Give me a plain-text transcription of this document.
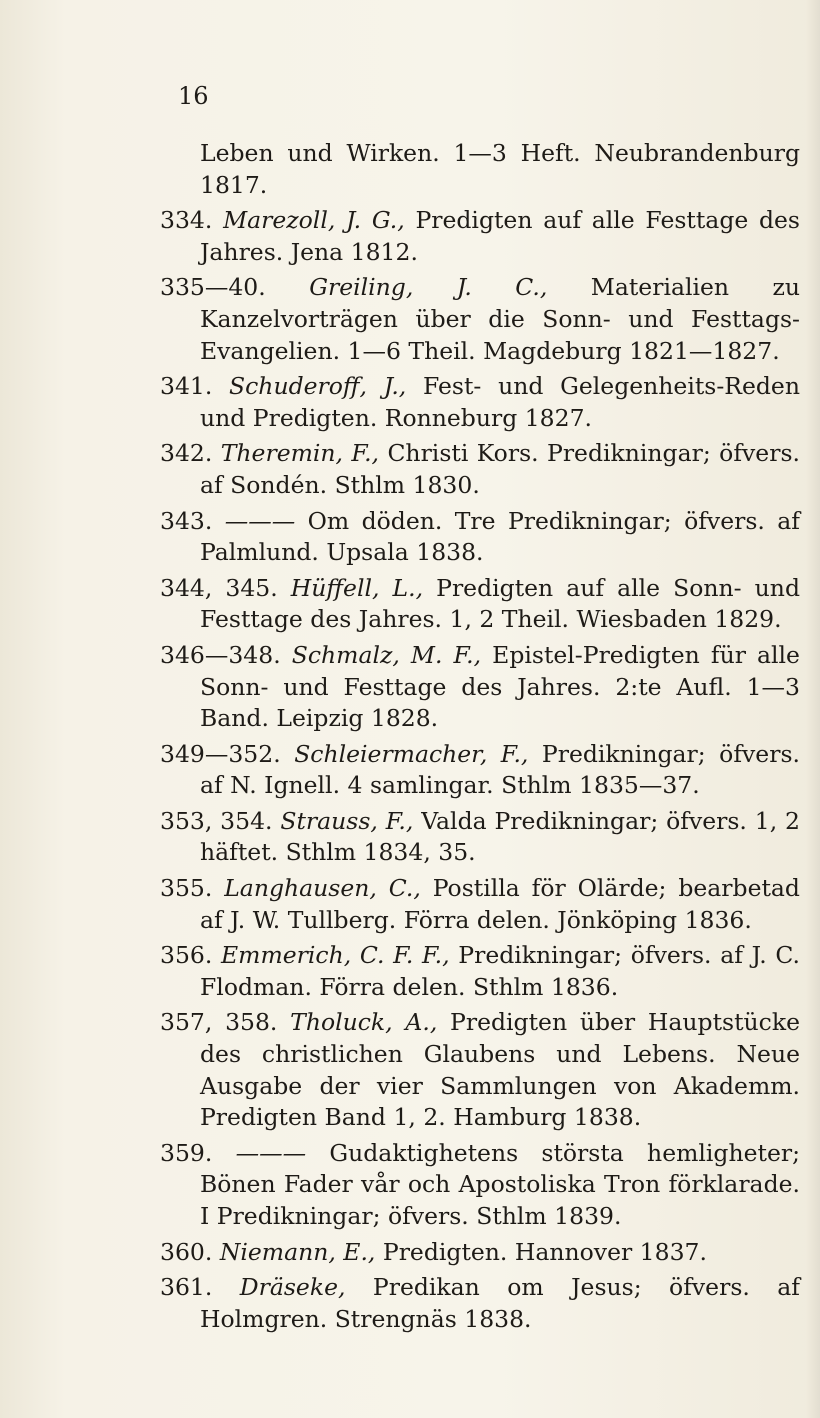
16

Leben und Wirken. 1—3 Heft. Neubrandenburg 1817.

334. Marezoll, J. G., Predigten auf alle Festtage des Jahres. Jena 1812.

335—40. Greiling, J. C., Materialien zu Kanzelvorträgen über die Sonn- und Festtags-Evangelien. 1—6 Theil. Magdeburg 1821—1827.

341. Schuderoff, J., Fest- und Gelegenheits-Reden und Predigten. Ronneburg 1827.

342. Theremin, F., Christi Kors. Predikningar; öfvers. af Sondén. Sthlm 1830.

343. ——— Om döden. Tre Predikningar; öfvers. af Palmlund. Upsala 1838.

344, 345. Hüffell, L., Predigten auf alle Sonn- und Festtage des Jahres. 1, 2 Theil. Wiesbaden 1829.

346—348. Schmalz, M. F., Epistel-Predigten für alle Sonn- und Festtage des Jahres. 2:te Aufl. 1—3 Band. Leipzig 1828.

349—352. Schleiermacher, F., Predikningar; öfvers. af N. Ignell. 4 samlingar. Sthlm 1835—37.

353, 354. Strauss, F., Valda Predikningar; öfvers. 1, 2 häftet. Sthlm 1834, 35.

355. Langhausen, C., Postilla för Olärde; bearbetad af J. W. Tullberg. Förra delen. Jönköping 1836.

356. Emmerich, C. F. F., Predikningar; öfvers. af J. C. Flodman. Förra delen. Sthlm 1836.

357, 358. Tholuck, A., Predigten über Hauptstücke des christlichen Glaubens und Lebens. Neue Ausgabe der vier Sammlungen von Akademm. Predigten Band 1, 2. Hamburg 1838.

359. ——— Gudaktighetens största hemligheter; Bönen Fader vår och Apostoliska Tron förklarade. I Predikningar; öfvers. Sthlm 1839.

360. Niemann, E., Predigten. Hannover 1837.

361. Dräseke, Predikan om Jesus; öfvers. af Holmgren. Strengnäs 1838.
